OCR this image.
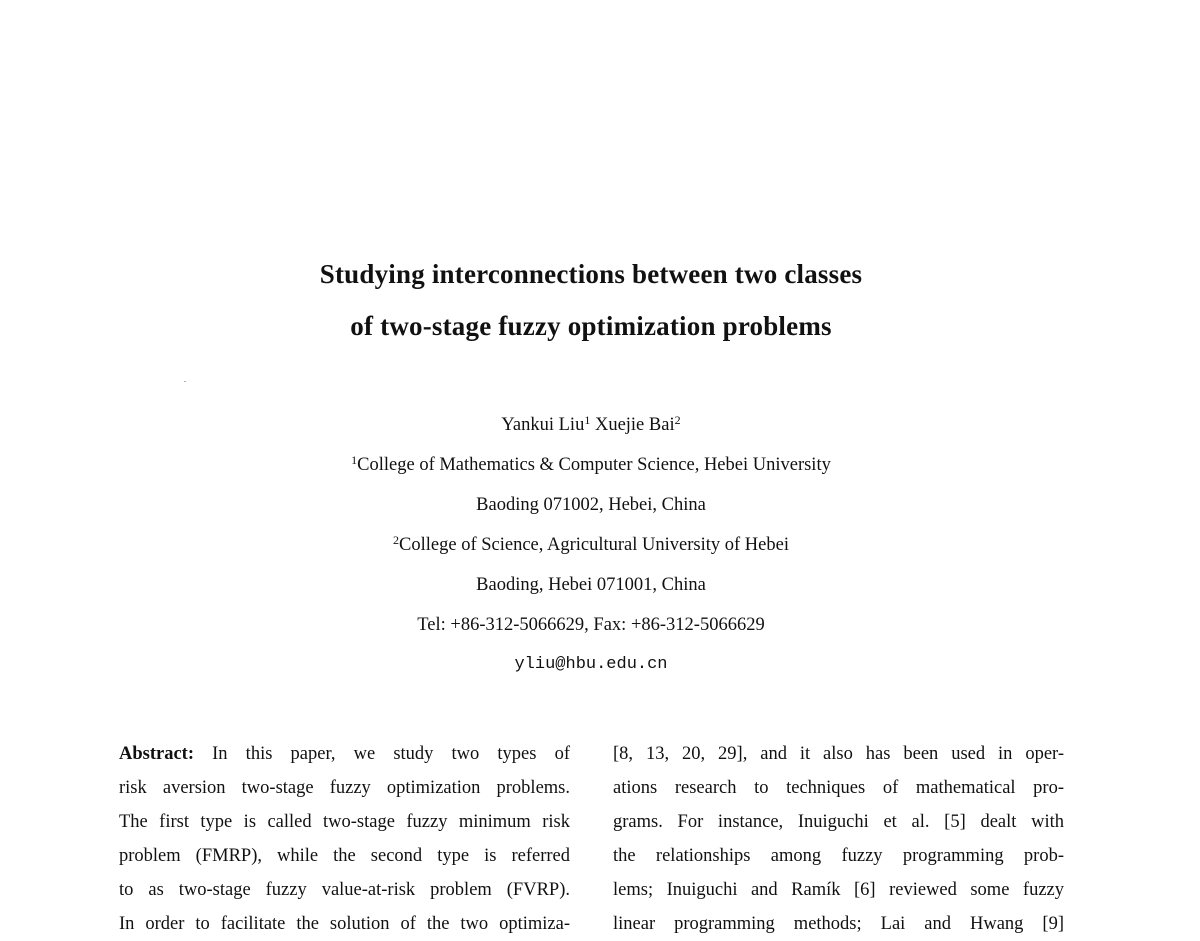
Studying interconnections between two classes
of two-stage fuzzy optimization problems
Yankui Liu$^1$ Xuejie Bai$^2$
$^1$College of Mathematics & Computer Science, Hebei University
Baoding 071002, Hebei, China
$^2$College of Science, Agricultural University of Hebei
Baoding, Hebei 071001, China
Tel: +86-312-5066629, Fax: +86-312-5066629
yliu@hbu.edu.cn
Abstract: In this paper, we study two types of
risk aversion two-stage fuzzy optimization problems.
The first type is called two-stage fuzzy minimum risk
problem (FMRP), while the second type is referred
to as two-stage fuzzy value-at-risk problem (FVRP).
In order to facilitate the solution of the two optimiza-
[8, 13, 20, 29], and it also has been used in oper-
ations research to techniques of mathematical pro-
grams. For instance, Inuiguchi et al. [5] dealt with
the relationships among fuzzy programming prob-
lems; Inuiguchi and Ramík [6] reviewed some fuzzy
linear programming methods; Lai and Hwang [9]
